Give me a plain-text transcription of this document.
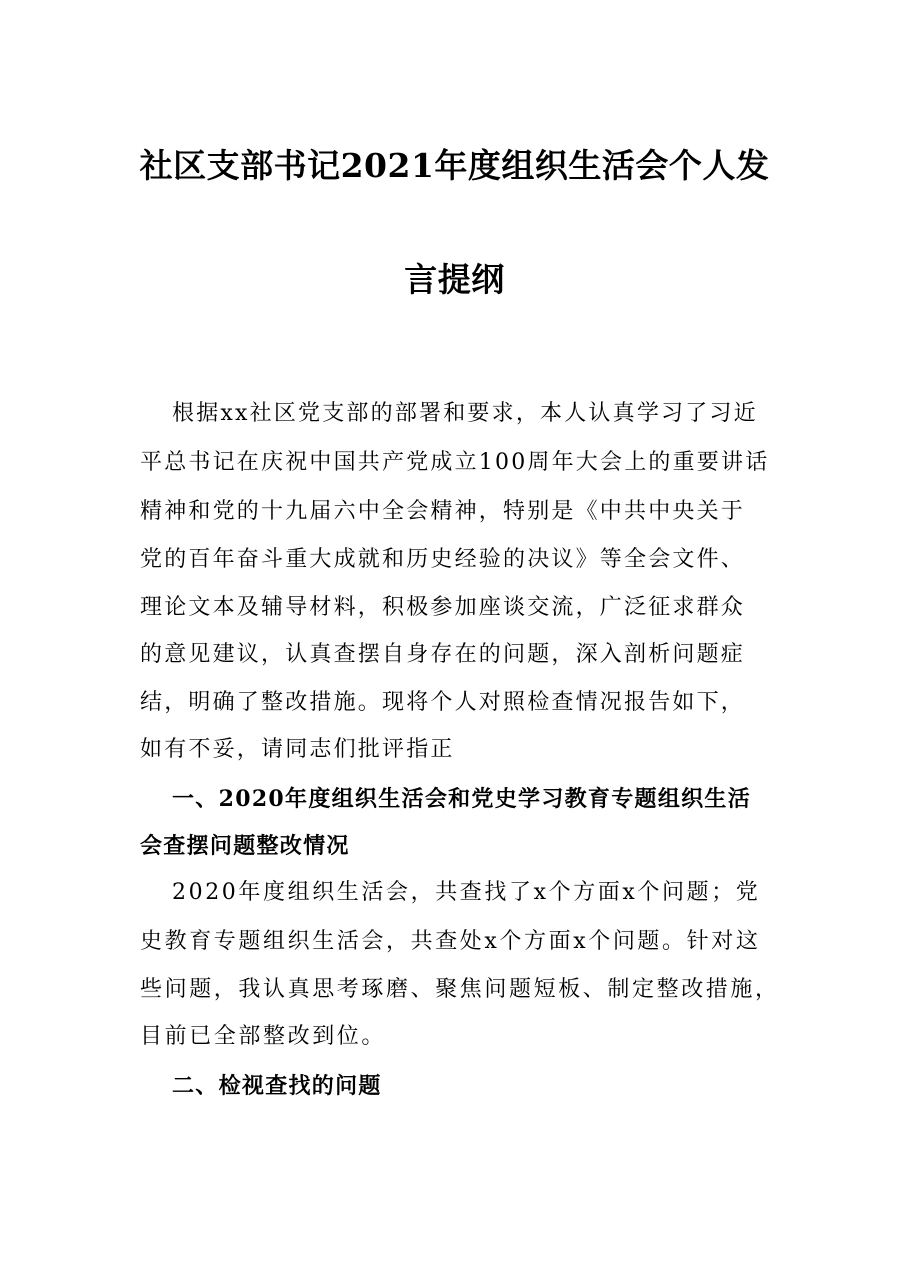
社区支部书记2021年度组织生活会个人发
言提纲
根据xx社区党支部的部署和要求，本人认真学习了习近
平总书记在庆祝中国共产党成立100周年大会上的重要讲话
精神和党的十九届六中全会精神，特别是《中共中央关于
党的百年奋斗重大成就和历史经验的决议》等全会文件、
理论文本及辅导材料，积极参加座谈交流，广泛征求群众
的意见建议，认真查摆自身存在的问题，深入剖析问题症
结，明确了整改措施。现将个人对照检查情况报告如下，
如有不妥，请同志们批评指正
一、2020年度组织生活会和党史学习教育专题组织生活
会查摆问题整改情况
2020年度组织生活会，共查找了x个方面x个问题；党
史教育专题组织生活会，共查处x个方面x个问题。针对这
些问题，我认真思考琢磨、聚焦问题短板、制定整改措施，
目前已全部整改到位。
二、检视查找的问题
